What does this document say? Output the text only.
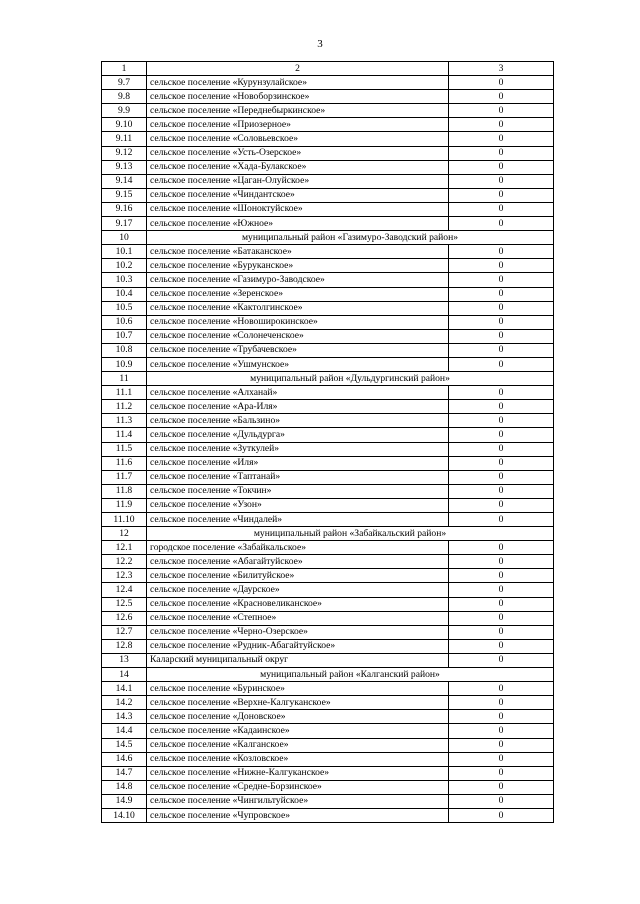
3
1	2	3
9.7	сельское поселение «Курунзулайское»	0
9.8	сельское поселение «Новоборзинское»	0
9.9	сельское поселение «Переднебыркинское»	0
9.10	сельское поселение «Приозерное»	0
9.11	сельское поселение «Соловьевское»	0
9.12	сельское поселение «Усть-Озерское»	0
9.13	сельское поселение «Хада-Булакское»	0
9.14	сельское поселение «Цаган-Олуйское»	0
9.15	сельское поселение «Чиндантское»	0
9.16	сельское поселение «Шоноктуйское»	0
9.17	сельское поселение «Южное»	0
10	муниципальный район «Газимуро-Заводский район»	
10.1	сельское поселение «Батаканское»	0
10.2	сельское поселение «Буруканское»	0
10.3	сельское поселение «Газимуро-Заводское»	0
10.4	сельское поселение «Зеренское»	0
10.5	сельское поселение «Кактолгинское»	0
10.6	сельское поселение «Новоширокинское»	0
10.7	сельское поселение «Солонеченское»	0
10.8	сельское поселение «Трубачевское»	0
10.9	сельское поселение «Ушмунское»	0
11	муниципальный район «Дульдургинский район»	
11.1	сельское поселение «Алханай»	0
11.2	сельское поселение «Ара-Иля»	0
11.3	сельское поселение «Бальзино»	0
11.4	сельское поселение «Дульдурга»	0
11.5	сельское поселение «Зуткулей»	0
11.6	сельское поселение «Иля»	0
11.7	сельское поселение «Таптанай»	0
11.8	сельское поселение «Токчин»	0
11.9	сельское поселение «Узон»	0
11.10	сельское поселение «Чиндалей»	0
12	муниципальный район «Забайкальский район»	
12.1	городское поселение «Забайкальское»	0
12.2	сельское поселение «Абагайтуйское»	0
12.3	сельское поселение «Билитуйское»	0
12.4	сельское поселение «Даурское»	0
12.5	сельское поселение «Красновеликанское»	0
12.6	сельское поселение «Степное»	0
12.7	сельское поселение «Черно-Озерское»	0
12.8	сельское поселение «Рудник-Абагайтуйское»	0
13	Каларский муниципальный округ	0
14	муниципальный район «Калганский район»	
14.1	сельское поселение «Буринское»	0
14.2	сельское поселение «Верхне-Калгуканское»	0
14.3	сельское поселение «Доновское»	0
14.4	сельское поселение «Кадаинское»	0
14.5	сельское поселение «Калганское»	0
14.6	сельское поселение «Козловское»	0
14.7	сельское поселение «Нижне-Калгуканское»	0
14.8	сельское поселение «Средне-Борзинское»	0
14.9	сельское поселение «Чингильтуйское»	0
14.10	сельское поселение «Чупровское»	0
